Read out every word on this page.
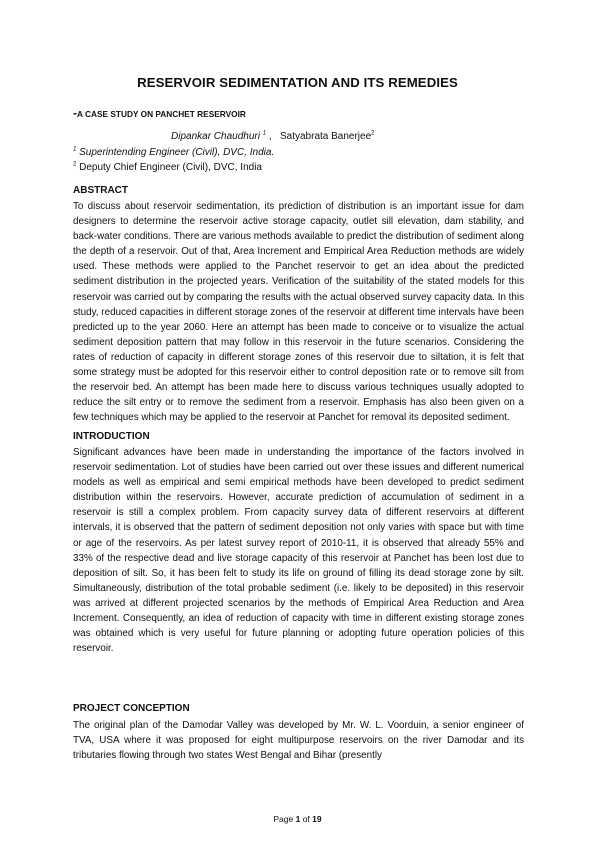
RESERVOIR SEDIMENTATION AND ITS REMEDIES
-A CASE STUDY ON PANCHET RESERVOIR
Dipankar Chaudhuri $^1$ ,   Satyabrata Banerjee$^2$
$^1$ Superintending Engineer (Civil), DVC, India.
$^2$ Deputy Chief Engineer (Civil), DVC, India
ABSTRACT

To discuss about reservoir sedimentation, its prediction of distribution is an important issue for dam designers to determine the reservoir active storage capacity, outlet sill elevation, dam stability, and back-water conditions. There are various methods available to predict the distribution of sediment along the depth of a reservoir. Out of that, Area Increment and Empirical Area Reduction methods are widely used. These methods were applied to the Panchet reservoir to get an idea about the predicted sediment distribution in the projected years. Verification of the suitability of the stated models for this reservoir was carried out by comparing the results with the actual observed survey capacity data. In this study, reduced capacities in different storage zones of the reservoir at different time intervals have been predicted up to the year 2060. Here an attempt has been made to conceive or to visualize the actual sediment deposition pattern that may follow in this reservoir in the future scenarios. Considering the rates of reduction of capacity in different storage zones of this reservoir due to siltation, it is felt that some strategy must be adopted for this reservoir either to control deposition rate or to remove silt from the reservoir bed. An attempt has been made here to discuss various techniques usually adopted to reduce the silt entry or to remove the sediment from a reservoir. Emphasis has also been given on a few techniques which may be applied to the reservoir at Panchet for removal its deposited sediment.

INTRODUCTION

Significant advances have been made in understanding the importance of the factors involved in reservoir sedimentation. Lot of studies have been carried out over these issues and different numerical models as well as empirical and semi empirical methods have been developed to predict sediment distribution within the reservoirs. However, accurate prediction of accumulation of sediment in a reservoir is still a complex problem. From capacity survey data of different reservoirs at different intervals, it is observed that the pattern of sediment deposition not only varies with space but with time or age of the reservoirs. As per latest survey report of 2010-11, it is observed that already 55% and 33% of the respective dead and live storage capacity of this reservoir at Panchet has been lost due to deposition of silt. So, it has been felt to study its life on ground of filling its dead storage zone by silt. Simultaneously, distribution of the total probable sediment (i.e. likely to be deposited) in this reservoir was arrived at different projected scenarios by the methods of Empirical Area Reduction and Area Increment. Consequently, an idea of reduction of capacity with time in different existing storage zones was obtained which is very useful for future planning or adopting future operation policies of this reservoir.

PROJECT CONCEPTION

The original plan of the Damodar Valley was developed by Mr. W. L. Voorduin, a senior engineer of TVA, USA where it was proposed for eight multipurpose reservoirs on the river Damodar and its tributaries flowing through two states West Bengal and Bihar (presently

Page 1 of 19
